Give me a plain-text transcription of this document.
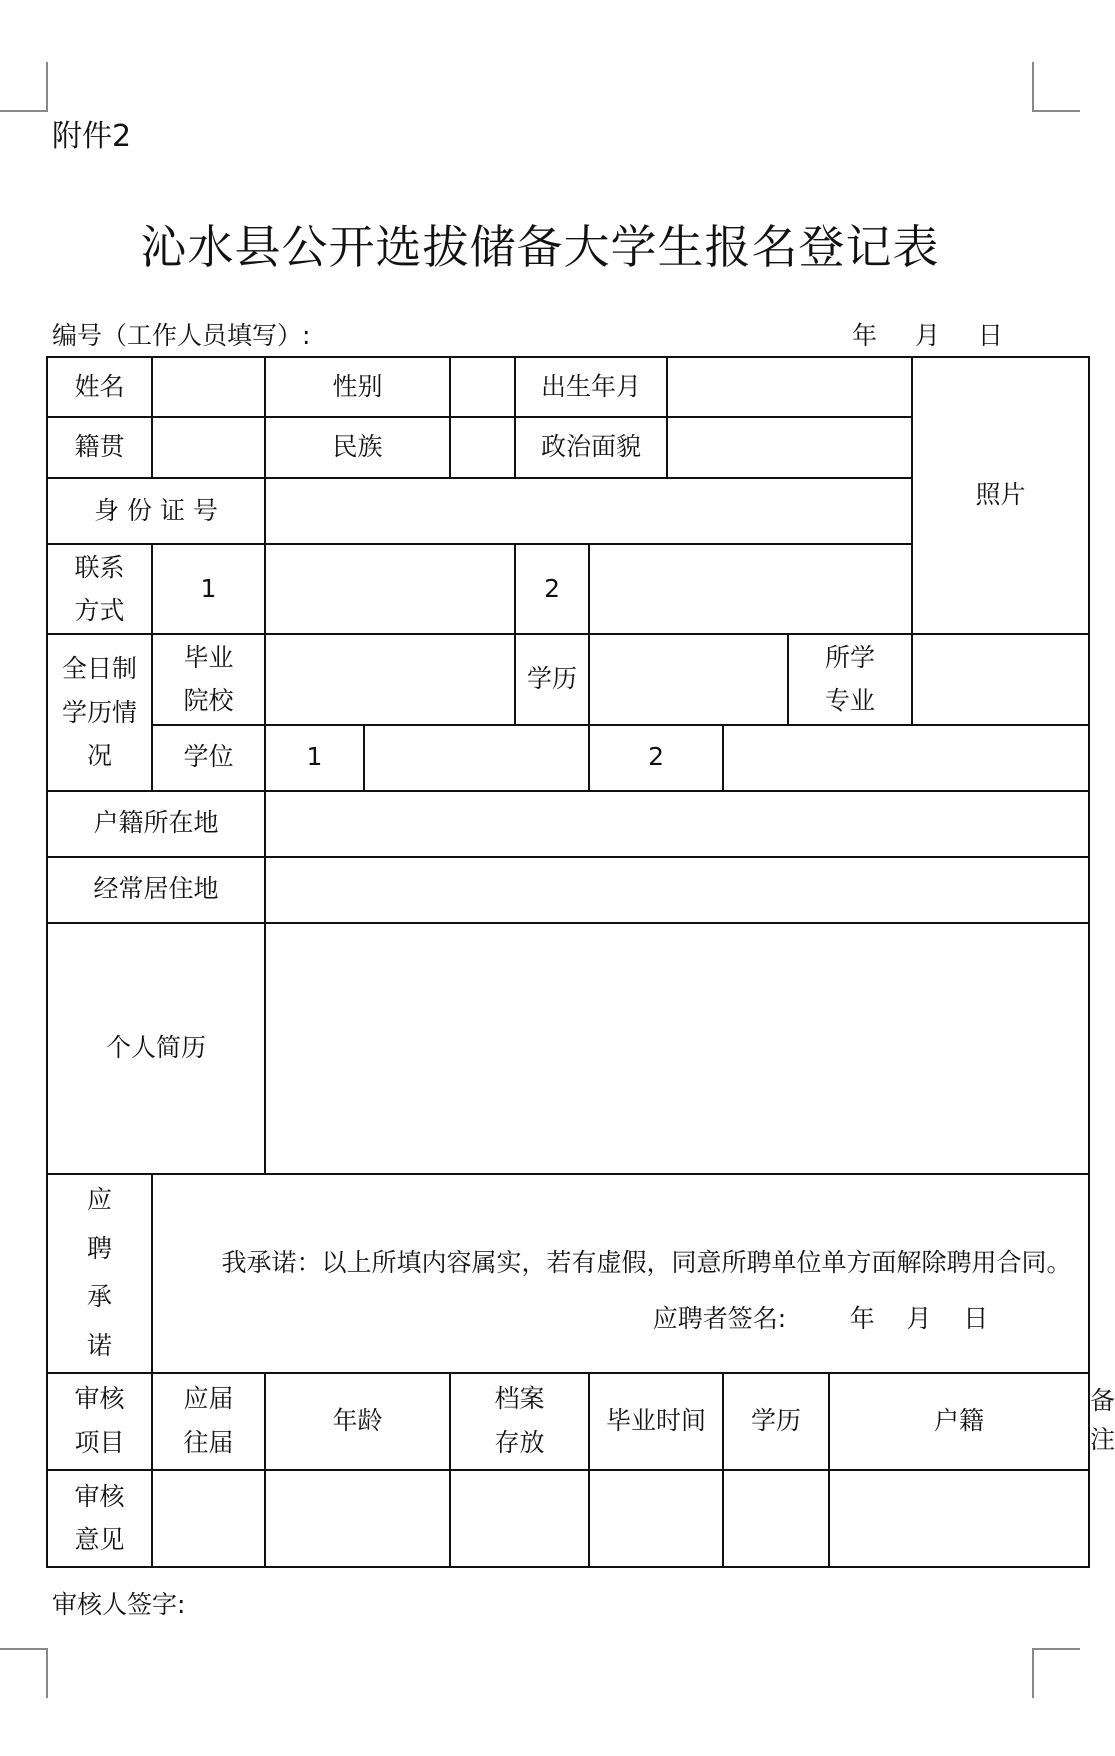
附件2
沁水县公开选拔储备大学生报名登记表
编号（工作人员填写）:	年 月 日
姓名		性别			出生年月						照片	
籍贯		民族			政治面貌							
身 份 证 号												
联系方式	1				2							
全日制学历情况	毕业院校				学历				所学专业			
	学位	1				2						
户籍所在地												
经常居住地												
个人简历												
应聘承诺	我承诺：以上所填内容属实，若有虚假，同意所聘单位单方面解除聘用合同。
应聘者签名:        年    月    日											

审核项目	应届往届	年龄		档案存放		毕业时间		学历		户籍		备注
审核意见												
审核人签字:
